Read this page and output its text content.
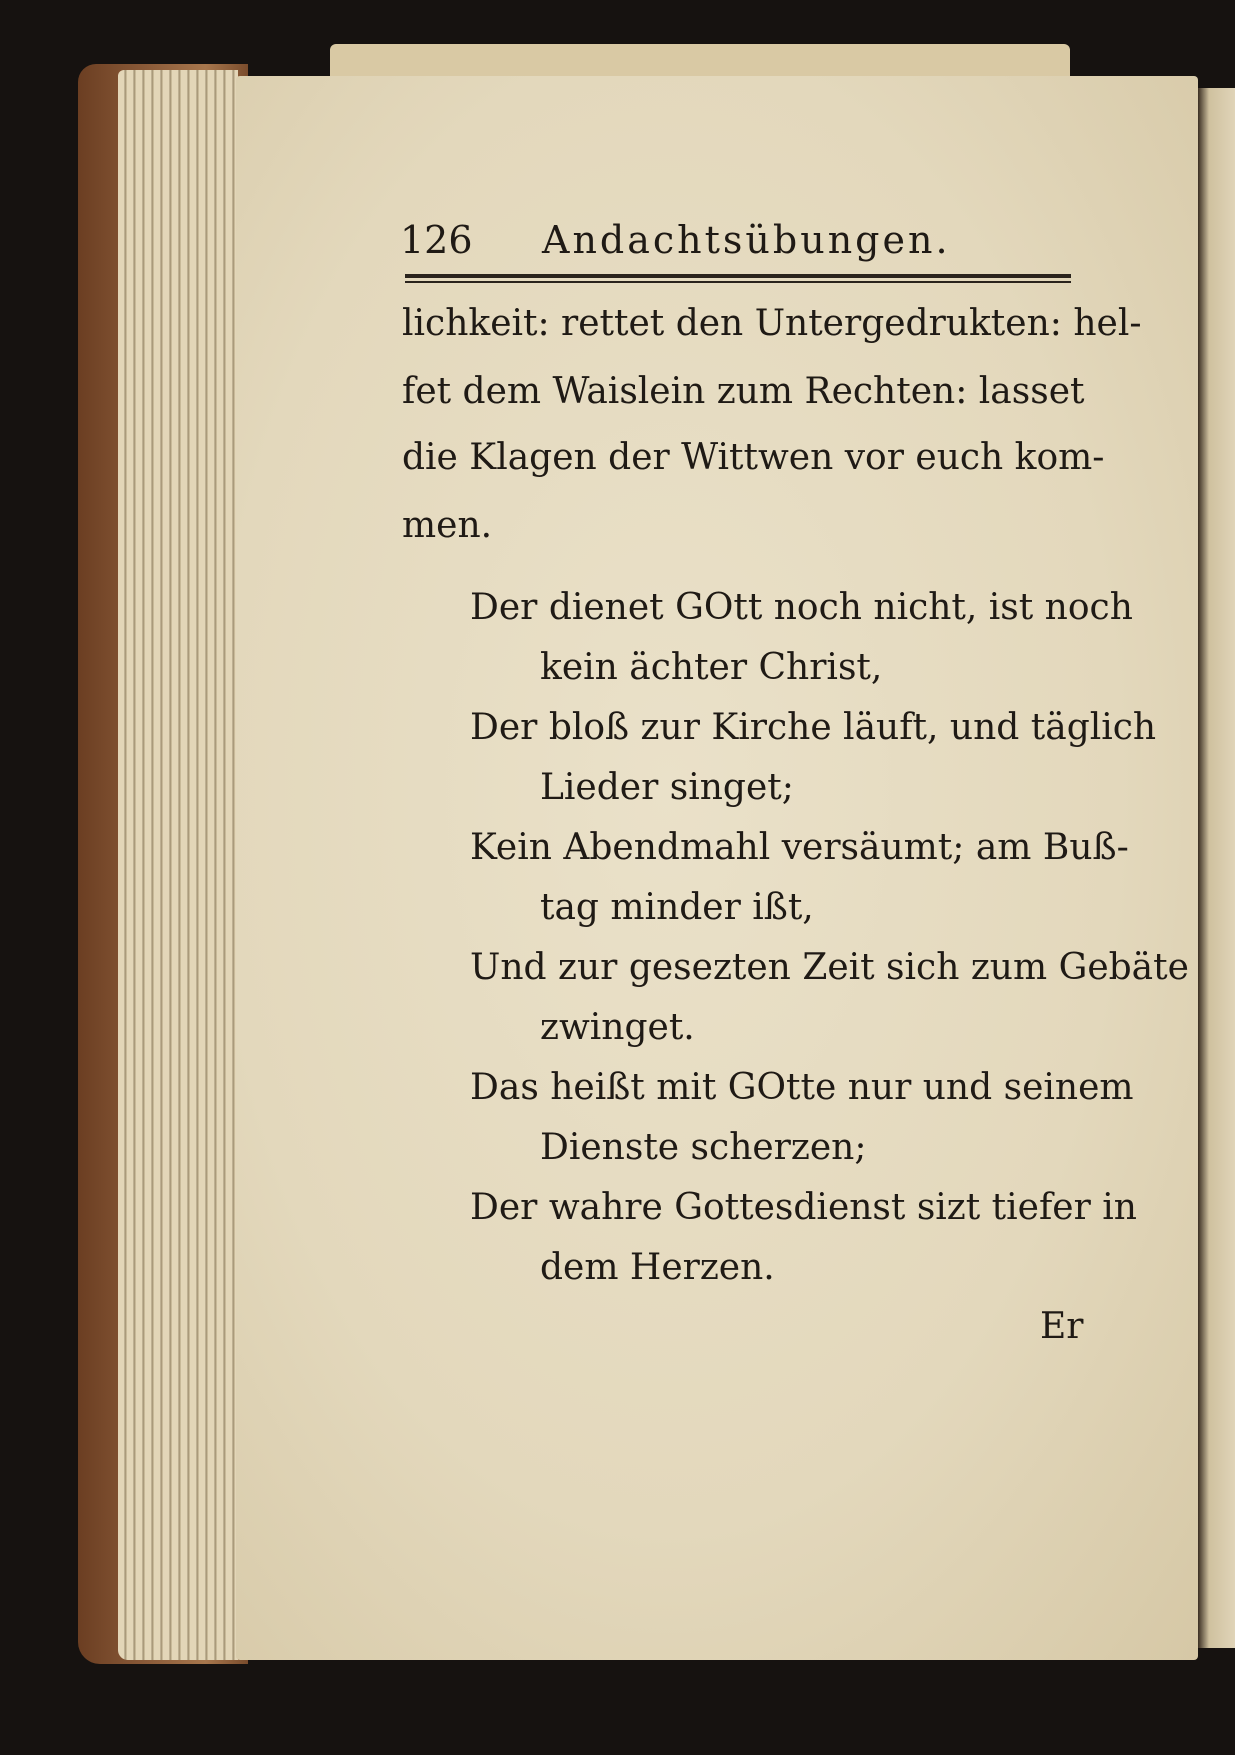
126 Andachtsübungen.
lichkeit: rettet den Untergedrukten: hel-
fet dem Waislein zum Rechten: lasset
die Klagen der Wittwen vor euch kom-
men.
Der dienet GOtt noch nicht, ist noch
kein ächter Christ,
Der bloß zur Kirche läuft, und täglich
Lieder singet;
Kein Abendmahl versäumt; am Buß-
tag minder ißt,
Und zur gesezten Zeit sich zum Gebäte
zwinget.
Das heißt mit GOtte nur und seinem
Dienste scherzen;
Der wahre Gottesdienst sizt tiefer in
dem Herzen.
Er
